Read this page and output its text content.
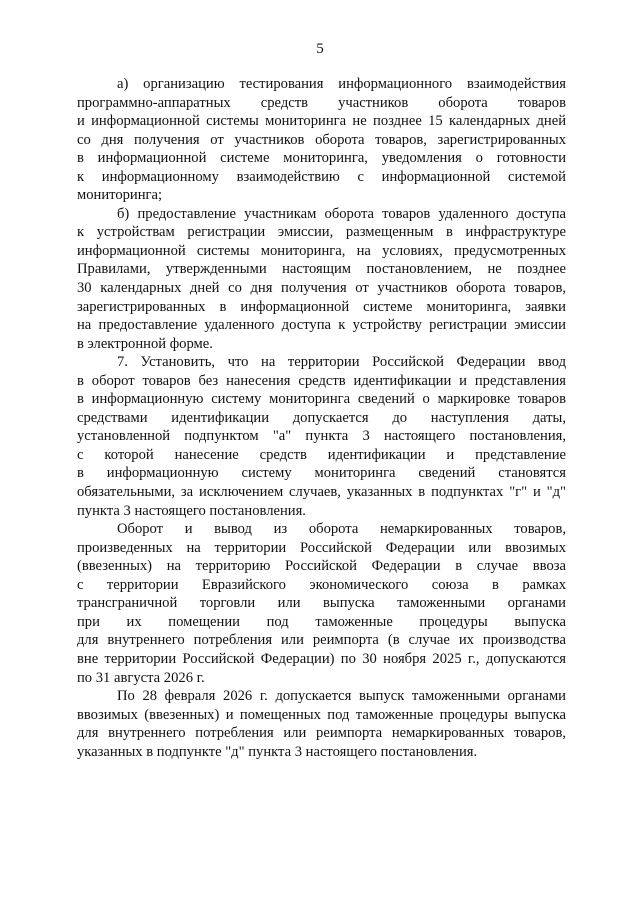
5
а) организацию тестирования информационного взаимодействия
программно-аппаратных средств участников оборота товаров
и информационной системы мониторинга не позднее 15 календарных дней
со дня получения от участников оборота товаров, зарегистрированных
в информационной системе мониторинга, уведомления о готовности
к информационному взаимодействию с информационной системой
мониторинга;
б) предоставление участникам оборота товаров удаленного доступа
к устройствам регистрации эмиссии, размещенным в инфраструктуре
информационной системы мониторинга, на условиях, предусмотренных
Правилами, утвержденными настоящим постановлением, не позднее
30 календарных дней со дня получения от участников оборота товаров,
зарегистрированных в информационной системе мониторинга, заявки
на предоставление удаленного доступа к устройству регистрации эмиссии
в электронной форме.
7. Установить, что на территории Российской Федерации ввод
в оборот товаров без нанесения средств идентификации и представления
в информационную систему мониторинга сведений о маркировке товаров
средствами идентификации допускается до наступления даты,
установленной подпунктом "а" пункта 3 настоящего постановления,
с которой нанесение средств идентификации и представление
в информационную систему мониторинга сведений становятся
обязательными, за исключением случаев, указанных в подпунктах "г" и "д"
пункта 3 настоящего постановления.
Оборот и вывод из оборота немаркированных товаров,
произведенных на территории Российской Федерации или ввозимых
(ввезенных) на территорию Российской Федерации в случае ввоза
с территории Евразийского экономического союза в рамках
трансграничной торговли или выпуска таможенными органами
при их помещении под таможенные процедуры выпуска
для внутреннего потребления или реимпорта (в случае их производства
вне территории Российской Федерации) по 30 ноября 2025 г., допускаются
по 31 августа 2026 г.
По 28 февраля 2026 г. допускается выпуск таможенными органами
ввозимых (ввезенных) и помещенных под таможенные процедуры выпуска
для внутреннего потребления или реимпорта немаркированных товаров,
указанных в подпункте "д" пункта 3 настоящего постановления.
